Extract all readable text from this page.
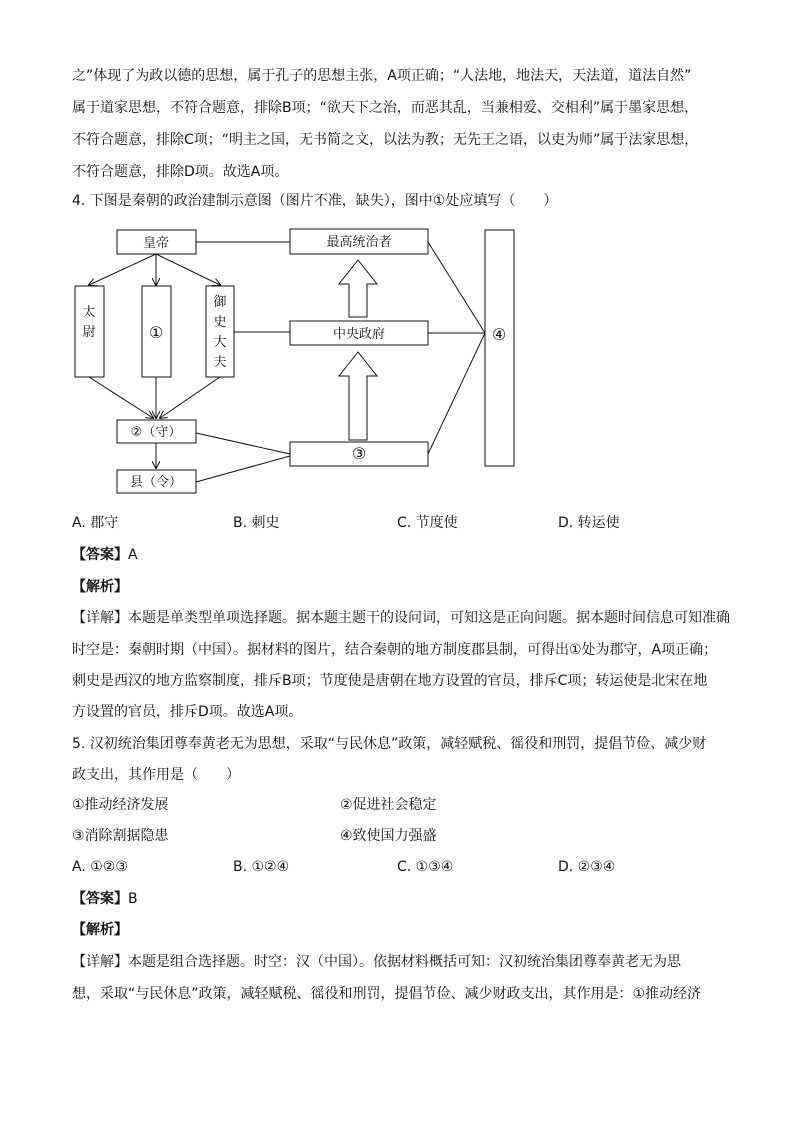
之”体现了为政以德的思想，属于孔子的思想主张，A项正确；“人法地，地法天，天法道，道法自然”
属于道家思想，不符合题意，排除B项；“欲天下之治，而恶其乱，当兼相爱、交相利”属于墨家思想，
不符合题意，排除C项；“明主之国，无书简之文，以法为教；无先王之语，以吏为师”属于法家思想，
不符合题意，排除D项。故选A项。
4. 下图是秦朝的政治建制示意图（图片不准，缺失），图中①处应填写（　　）
皇帝	最高统治者
太
尉	①
御
史
大
夫
中央政府
②（守）
县（令）
③
④
A. 郡守	B. 刺史	C. 节度使	D. 转运使
【答案】A
【解析】
【详解】本题是单类型单项选择题。据本题主题干的设问词，可知这是正向问题。据本题时间信息可知准确
时空是：秦朝时期（中国）。据材料的图片，结合秦朝的地方制度郡县制，可得出①处为郡守，A项正确；
刺史是西汉的地方监察制度，排斥B项；节度使是唐朝在地方设置的官员，排斥C项；转运使是北宋在地
方设置的官员，排斥D项。故选A项。
5. 汉初统治集团尊奉黄老无为思想，采取“与民休息”政策，减轻赋税、徭役和刑罚，提倡节俭、减少财
政支出，其作用是（　　）
①推动经济发展	②促进社会稳定
③消除割据隐患	④致使国力强盛
A. ①②③	B. ①②④	C. ①③④	D. ②③④
【答案】B
【解析】
【详解】本题是组合选择题。时空：汉（中国）。依据材料概括可知：汉初统治集团尊奉黄老无为思
想，采取“与民休息”政策，减轻赋税、徭役和刑罚，提倡节俭、减少财政支出，其作用是：①推动经济
